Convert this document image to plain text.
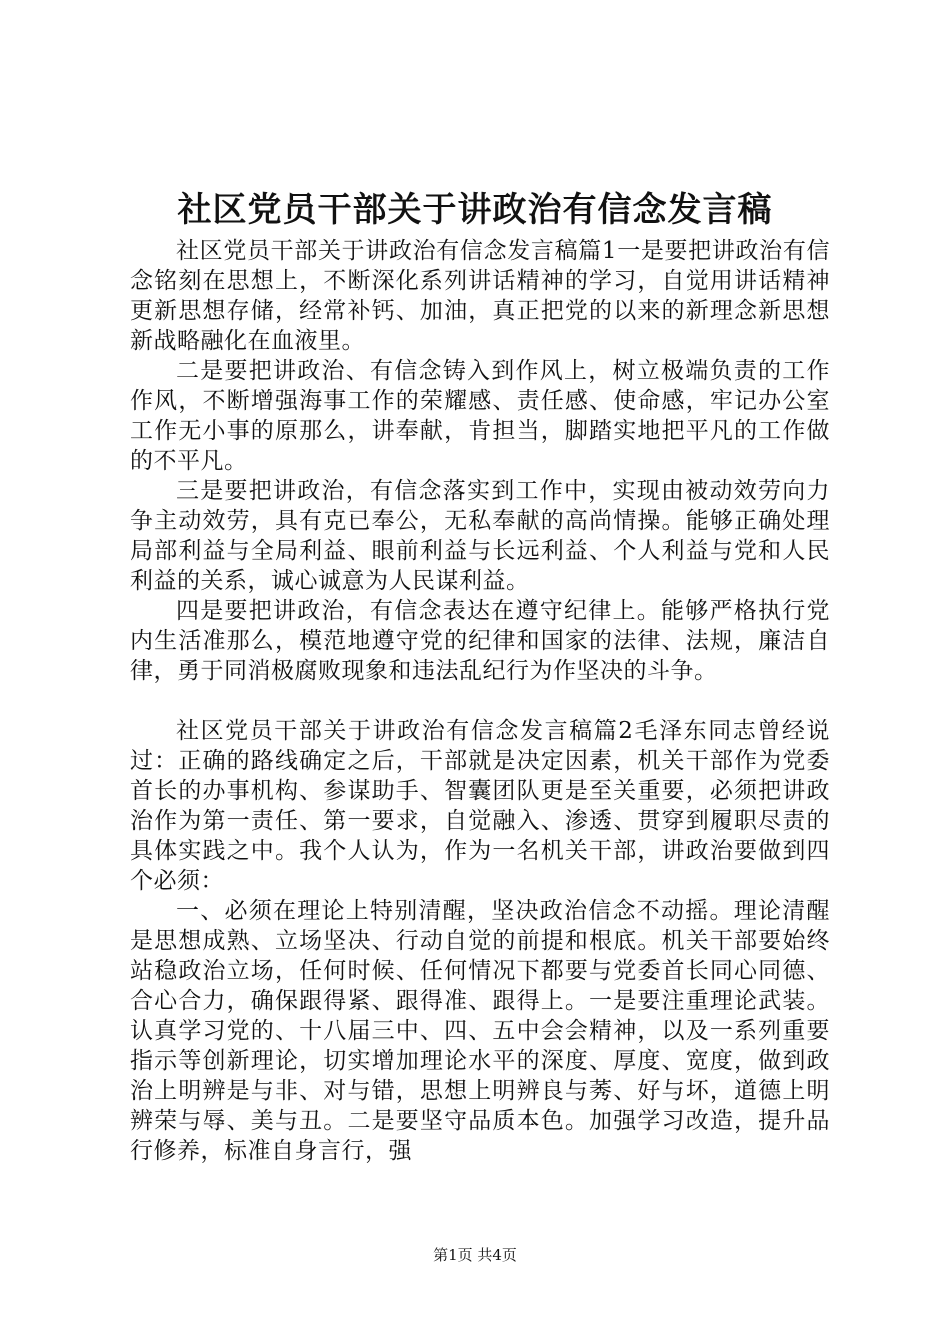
社区党员干部关于讲政治有信念发言稿

社区党员干部关于讲政治有信念发言稿篇1一是要把讲政治有信念铭刻在思想上，不断深化系列讲话精神的学习，自觉用讲话精神更新思想存储，经常补钙、加油，真正把党的以来的新理念新思想新战略融化在血液里。

二是要把讲政治、有信念铸入到作风上，树立极端负责的工作作风，不断增强海事工作的荣耀感、责任感、使命感，牢记办公室工作无小事的原那么，讲奉献，肯担当，脚踏实地把平凡的工作做的不平凡。

三是要把讲政治，有信念落实到工作中，实现由被动效劳向力争主动效劳，具有克已奉公，无私奉献的高尚情操。能够正确处理局部利益与全局利益、眼前利益与长远利益、个人利益与党和人民利益的关系，诚心诚意为人民谋利益。

四是要把讲政治，有信念表达在遵守纪律上。能够严格执行党内生活准那么，模范地遵守党的纪律和国家的法律、法规，廉洁自律，勇于同消极腐败现象和违法乱纪行为作坚决的斗争。

社区党员干部关于讲政治有信念发言稿篇2毛泽东同志曾经说过：正确的路线确定之后，干部就是决定因素，机关干部作为党委首长的办事机构、参谋助手、智囊团队更是至关重要，必须把讲政治作为第一责任、第一要求，自觉融入、渗透、贯穿到履职尽责的具体实践之中。我个人认为，作为一名机关干部，讲政治要做到四个必须：

一、必须在理论上特别清醒，坚决政治信念不动摇。理论清醒是思想成熟、立场坚决、行动自觉的前提和根底。机关干部要始终站稳政治立场，任何时候、任何情况下都要与党委首长同心同德、合心合力，确保跟得紧、跟得准、跟得上。一是要注重理论武装。认真学习党的、十八届三中、四、五中会会精神，以及一系列重要指示等创新理论，切实增加理论水平的深度、厚度、宽度，做到政治上明辨是与非、对与错，思想上明辨良与莠、好与坏，道德上明辨荣与辱、美与丑。二是要坚守品质本色。加强学习改造，提升品行修养，标准自身言行，强

第1页 共4页
